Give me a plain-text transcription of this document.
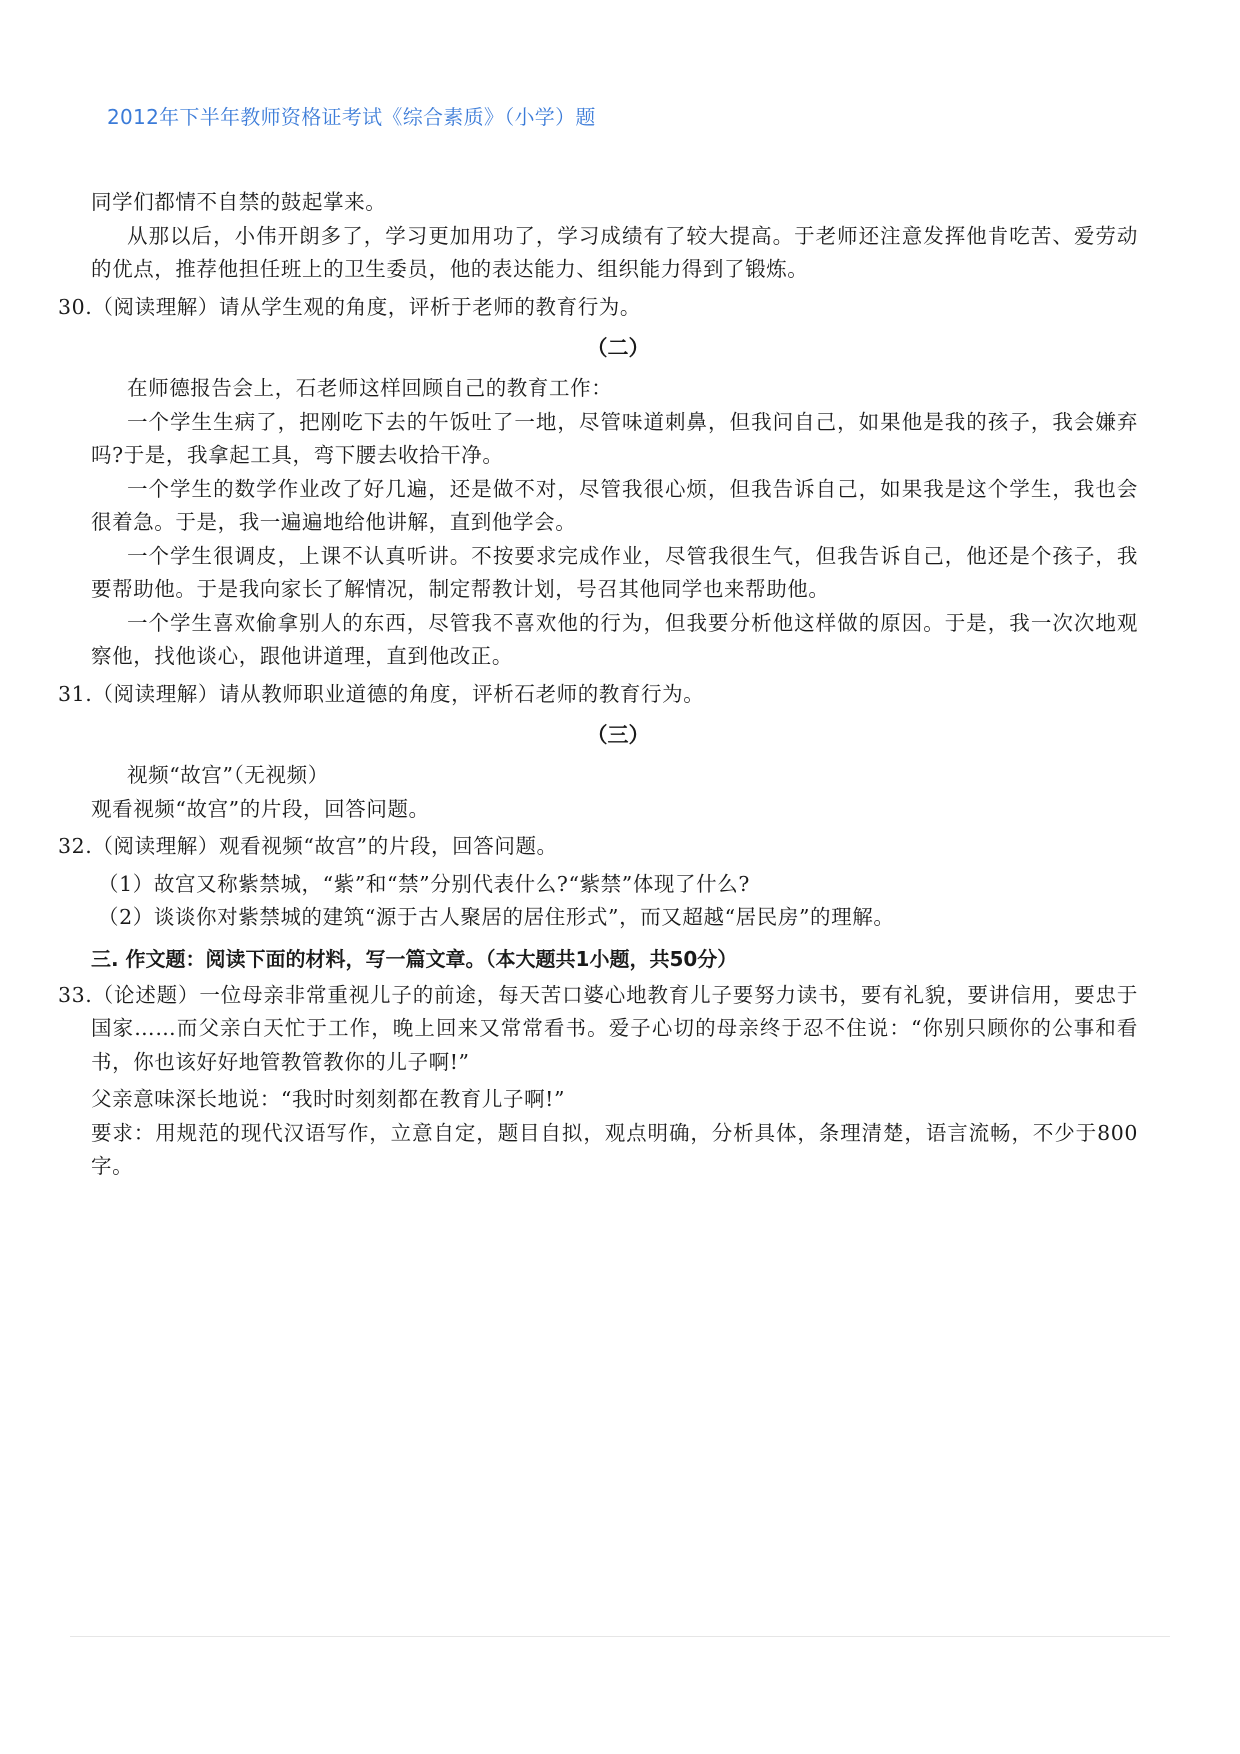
2012年下半年教师资格证考试《综合素质》（小学）题

同学们都情不自禁的鼓起掌来。

从那以后，小伟开朗多了，学习更加用功了，学习成绩有了较大提高。于老师还注意发挥他肯吃苦、爱劳动的优点，推荐他担任班上的卫生委员，他的表达能力、组织能力得到了锻炼。

30.（阅读理解）请从学生观的角度，评析于老师的教育行为。

（二）

在师德报告会上，石老师这样回顾自己的教育工作：

一个学生生病了，把刚吃下去的午饭吐了一地，尽管味道刺鼻，但我问自己，如果他是我的孩子，我会嫌弃吗?于是，我拿起工具，弯下腰去收拾干净。

一个学生的数学作业改了好几遍，还是做不对，尽管我很心烦，但我告诉自己，如果我是这个学生，我也会很着急。于是，我一遍遍地给他讲解，直到他学会。

一个学生很调皮，上课不认真听讲。不按要求完成作业，尽管我很生气，但我告诉自己，他还是个孩子，我要帮助他。于是我向家长了解情况，制定帮教计划，号召其他同学也来帮助他。

一个学生喜欢偷拿别人的东西，尽管我不喜欢他的行为，但我要分析他这样做的原因。于是，我一次次地观察他，找他谈心，跟他讲道理，直到他改正。

31.（阅读理解）请从教师职业道德的角度，评析石老师的教育行为。

（三）

视频“故宫”（无视频）

观看视频“故宫”的片段，回答问题。

32.（阅读理解）观看视频“故宫”的片段，回答问题。

（1）故宫又称紫禁城，“紫”和“禁”分别代表什么?“紫禁”体现了什么?

（2）谈谈你对紫禁城的建筑“源于古人聚居的居住形式”，而又超越“居民房”的理解。

三. 作文题：阅读下面的材料，写一篇文章。（本大题共1小题，共50分）

33.（论述题）一位母亲非常重视儿子的前途，每天苦口婆心地教育儿子要努力读书，要有礼貌，要讲信用，要忠于国家……而父亲白天忙于工作，晚上回来又常常看书。爱子心切的母亲终于忍不住说：“你别只顾你的公事和看书，你也该好好地管教管教你的儿子啊!”

父亲意味深长地说：“我时时刻刻都在教育儿子啊!”

要求：用规范的现代汉语写作，立意自定，题目自拟，观点明确，分析具体，条理清楚，语言流畅，不少于800字。
